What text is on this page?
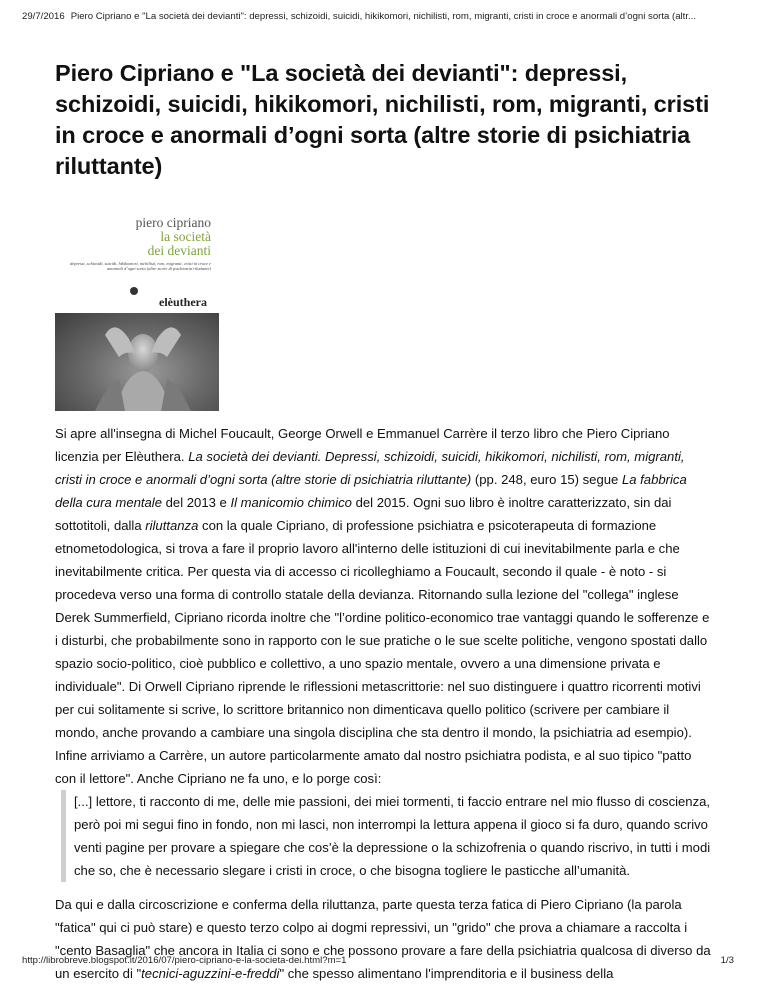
29/7/2016 Piero Cipriano e "La società dei devianti": depressi, schizoidi, suicidi, hikikomori, nichilisti, rom, migranti, cristi in croce e anormali d’ogni sorta (altr...
Piero Cipriano e "La società dei devianti": depressi, schizoidi, suicidi, hikikomori, nichilisti, rom, migranti, cristi in croce e anormali d’ogni sorta (altre storie di psichiatria riluttante)
piero cipriano
la società
dei devianti
depressi, schizoidi, suicidi, hikikomori, nichilisti, rom, migranti, cristi in croce e anormali d’ogni sorta (altre storie di psichiatria riluttante)
elèuthera

Si apre all'insegna di Michel Foucault, George Orwell e Emmanuel Carrère il terzo libro che Piero Cipriano licenzia per Elèuthera. La società dei devianti. Depressi, schizoidi, suicidi, hikikomori, nichilisti, rom, migranti, cristi in croce e anormali d’ogni sorta (altre storie di psichiatria riluttante) (pp. 248, euro 15) segue La fabbrica della cura mentale del 2013 e Il manicomio chimico del 2015. Ogni suo libro è inoltre caratterizzato, sin dai sottotitoli, dalla riluttanza con la quale Cipriano, di professione psichiatra e psicoterapeuta di formazione etnometodologica, si trova a fare il proprio lavoro all'interno delle istituzioni di cui inevitabilmente parla e che inevitabilmente critica. Per questa via di accesso ci ricolleghiamo a Foucault, secondo il quale - è noto - si procedeva verso una forma di controllo statale della devianza. Ritornando sulla lezione del "collega" inglese Derek Summerfield, Cipriano ricorda inoltre che "l’ordine politico-economico trae vantaggi quando le sofferenze e i disturbi, che probabilmente sono in rapporto con le sue pratiche o le sue scelte politiche, vengono spostati dallo spazio socio-politico, cioè pubblico e collettivo, a uno spazio mentale, ovvero a una dimensione privata e individuale". Di Orwell Cipriano riprende le riflessioni metascrittorie: nel suo distinguere i quattro ricorrenti motivi per cui solitamente si scrive, lo scrittore britannico non dimenticava quello politico (scrivere per cambiare il mondo, anche provando a cambiare una singola disciplina che sta dentro il mondo, la psichiatria ad esempio). Infine arriviamo a Carrère, un autore particolarmente amato dal nostro psichiatra podista, e al suo tipico "patto con il lettore". Anche Cipriano ne fa uno, e lo porge così:

[...] lettore, ti racconto di me, delle mie passioni, dei miei tormenti, ti faccio entrare nel mio flusso di coscienza, però poi mi segui fino in fondo, non mi lasci, non interrompi la lettura appena il gioco si fa duro, quando scrivo venti pagine per provare a spiegare che cos’è la depressione o la schizofrenia o quando riscrivo, in tutti i modi che so, che è necessario slegare i cristi in croce, o che bisogna togliere le pasticche all’umanità.

Da qui e dalla circoscrizione e conferma della riluttanza, parte questa terza fatica di Piero Cipriano (la parola "fatica" qui ci può stare) e questo terzo colpo ai dogmi repressivi, un "grido" che prova a chiamare a raccolta i "cento Basaglia" che ancora in Italia ci sono e che possono provare a fare della psichiatria qualcosa di diverso da un esercito di "tecnici-aguzzini-e-freddi" che spesso alimentano l'imprenditoria e il business della

http://librobreve.blogspot.it/2016/07/piero-cipriano-e-la-societa-dei.html?m=1	1/3
